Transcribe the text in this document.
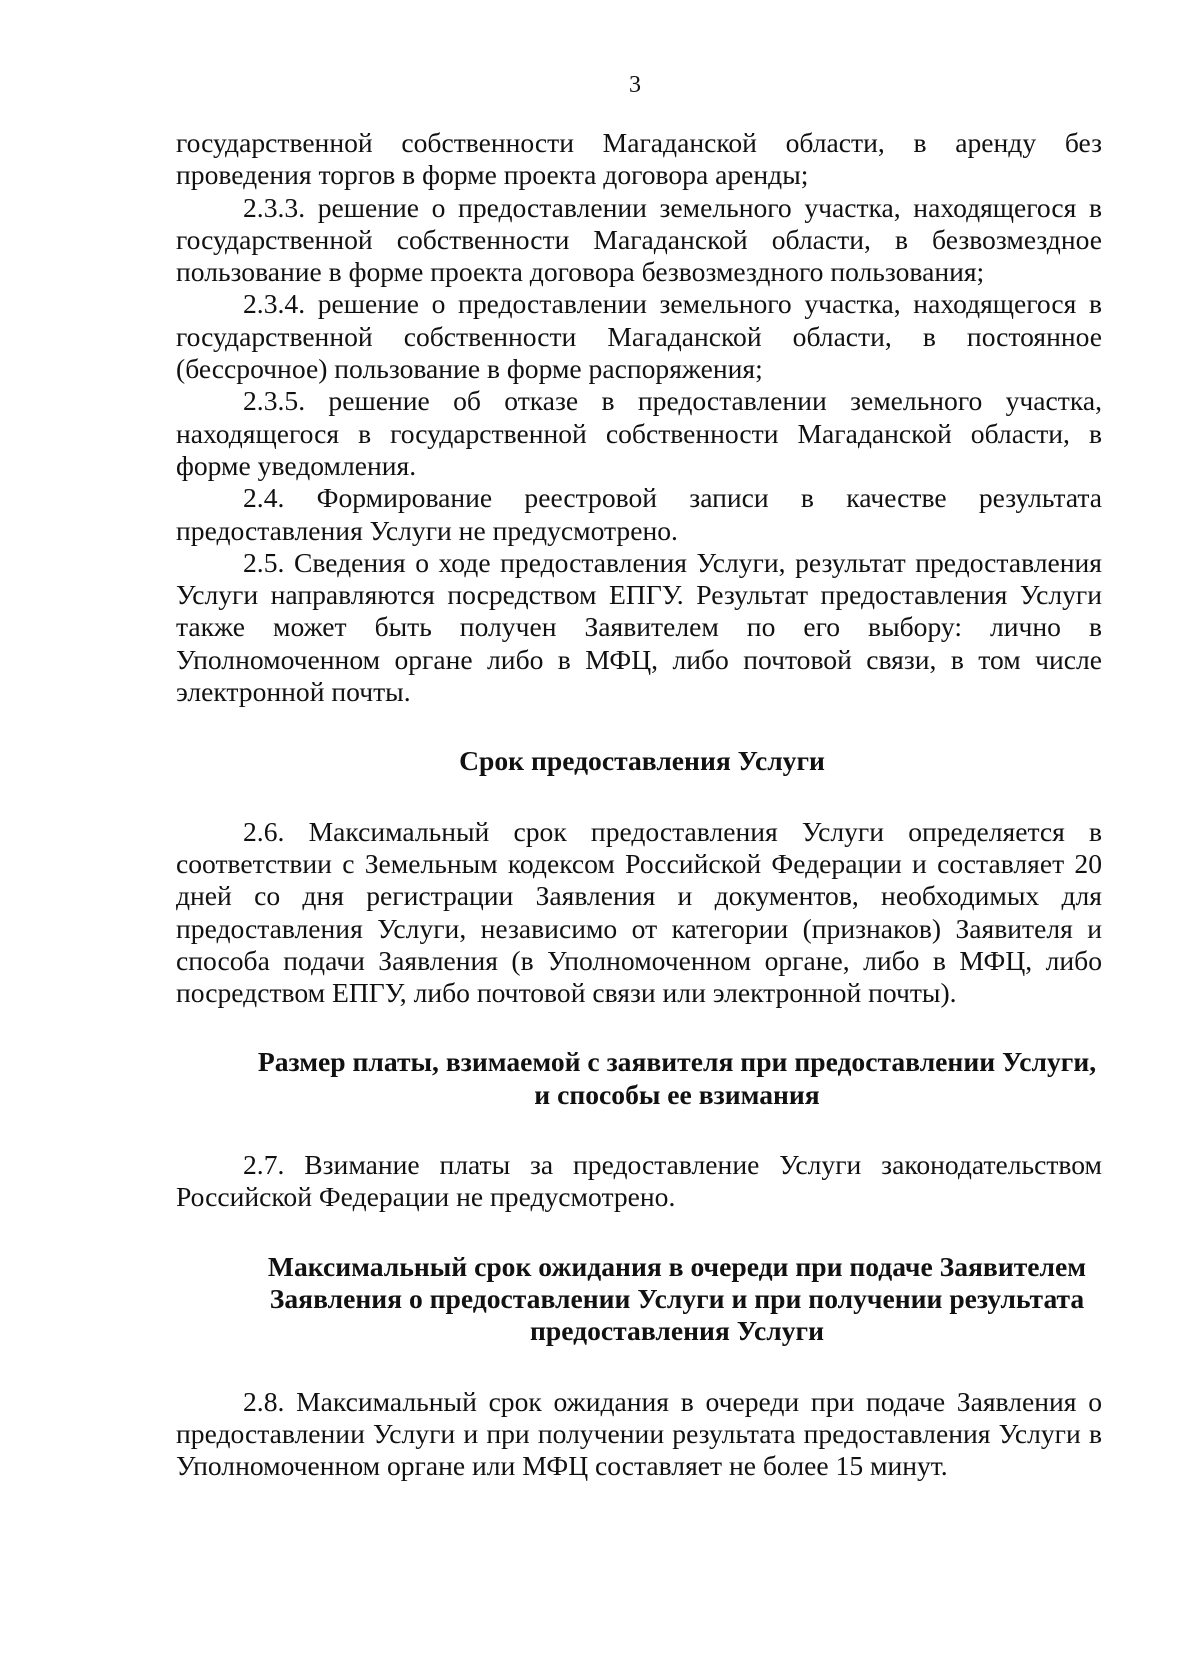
3

государственной собственности Магаданской области, в аренду без проведения торгов в форме проекта договора аренды;

2.3.3. решение о предоставлении земельного участка, находящегося в государственной собственности Магаданской области, в безвозмездное пользование в форме проекта договора безвозмездного пользования;

2.3.4. решение о предоставлении земельного участка, находящегося в государственной собственности Магаданской области, в постоянное (бессрочное) пользование в форме распоряжения;

2.3.5. решение об отказе в предоставлении земельного участка, находящегося в государственной собственности Магаданской области, в форме уведомления.

2.4. Формирование реестровой записи в качестве результата предоставления Услуги не предусмотрено.

2.5. Сведения о ходе предоставления Услуги, результат предоставления Услуги направляются посредством ЕПГУ. Результат предоставления Услуги также может быть получен Заявителем по его выбору: лично в Уполномоченном органе либо в МФЦ, либо почтовой связи, в том числе электронной почты.

Срок предоставления Услуги

2.6. Максимальный срок предоставления Услуги определяется в соответствии с Земельным кодексом Российской Федерации и составляет 20 дней со дня регистрации Заявления и документов, необходимых для предоставления Услуги, независимо от категории (признаков) Заявителя и способа подачи Заявления (в Уполномоченном органе, либо в МФЦ, либо посредством ЕПГУ, либо почтовой связи или электронной почты).

Размер платы, взимаемой с заявителя при предоставлении Услуги,
и способы ее взимания

2.7. Взимание платы за предоставление Услуги законодательством Российской Федерации не предусмотрено.

Максимальный срок ожидания в очереди при подаче Заявителем
Заявления о предоставлении Услуги и при получении результата
предоставления Услуги

2.8. Максимальный срок ожидания в очереди при подаче Заявления о предоставлении Услуги и при получении результата предоставления Услуги в Уполномоченном органе или МФЦ составляет не более 15 минут.
